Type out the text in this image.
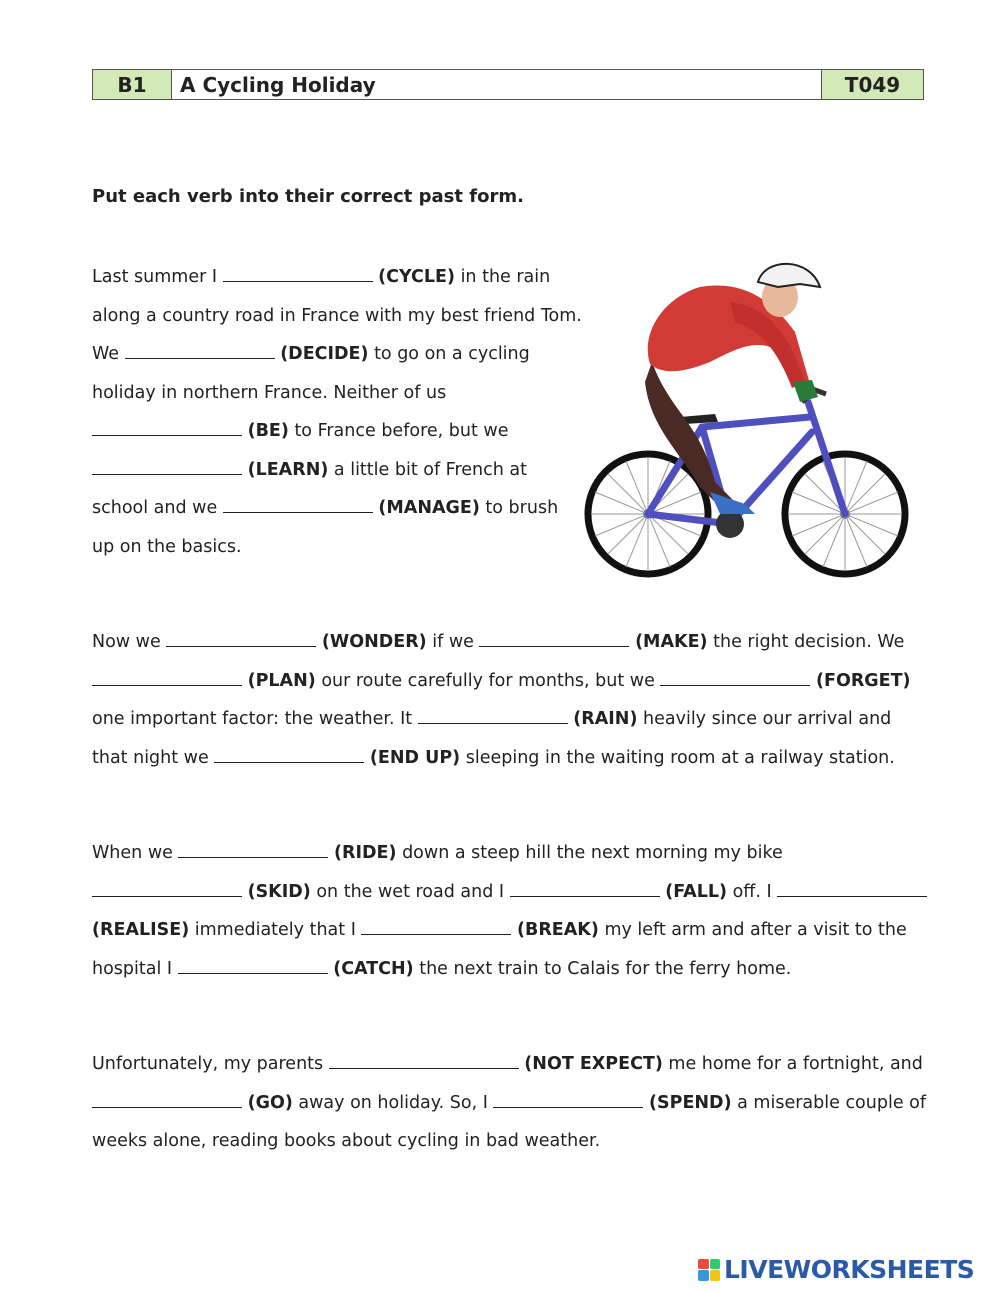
B1	A Cycling Holiday	T049
Put each verb into their correct past form.
Last summer I	(CYCLE) in the rain along a country road in France with my best friend Tom. We	(DECIDE) to go on a cycling holiday in northern France. Neither of us  (BE) to France before, but we  (LEARN) a little bit of French at school and we	(MANAGE) to brush up on the basics.
Now we	(WONDER) if we	(MAKE) the right decision. We  (PLAN) our route carefully for months, but we	(FORGET) one important factor: the weather. It	(RAIN) heavily since our arrival and that night we	(END UP) sleeping in the waiting room at a railway station.
When we	(RIDE) down a steep hill the next morning my bike  (SKID) on the wet road and I	(FALL) off. I  (REALISE) immediately that I	(BREAK) my left arm and after a visit to the hospital I	(CATCH) the next train to Calais for the ferry home.
Unfortunately, my parents	(NOT EXPECT) me home for a fortnight, and  (GO) away on holiday. So, I	(SPEND) a miserable couple of weeks alone, reading books about cycling in bad weather.
LIVEWORKSHEETS
